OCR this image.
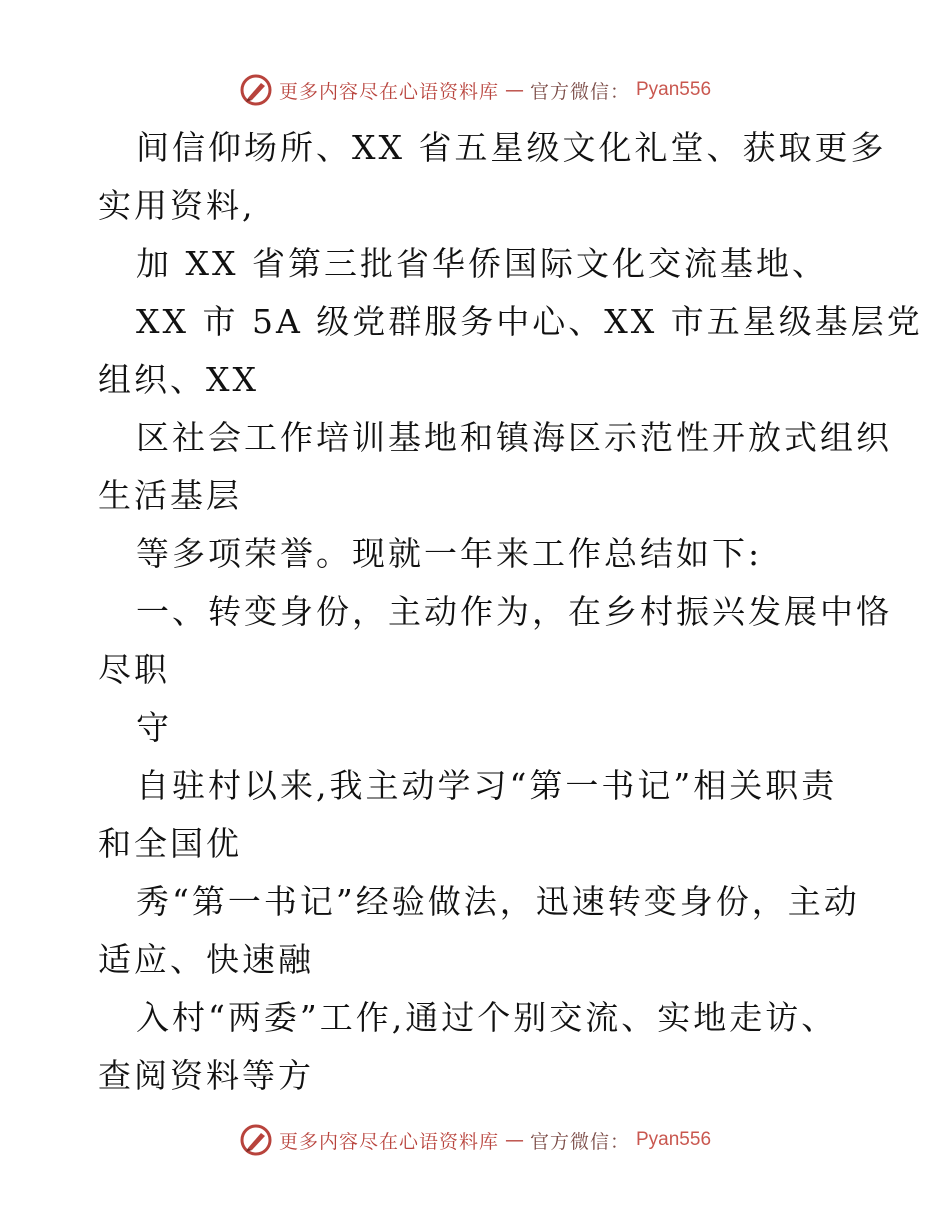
更多内容尽在心语资料库 — 官方微信： Pyan556
间信仰场所、XX 省五星级文化礼堂、获取更多
实用资料,
加 XX 省第三批省华侨国际文化交流基地、
XX 市 5A 级党群服务中心、XX 市五星级基层党
组织、XX
区社会工作培训基地和镇海区示范性开放式组织
生活基层
等多项荣誉。现就一年来工作总结如下:
一、转变身份，主动作为，在乡村振兴发展中恪
尽职
守
自驻村以来,我主动学习“第一书记”相关职责
和全国优
秀“第一书记”经验做法，迅速转变身份，主动
适应、快速融
入村“两委”工作,通过个别交流、实地走访、
查阅资料等方
更多内容尽在心语资料库 — 官方微信： Pyan556
